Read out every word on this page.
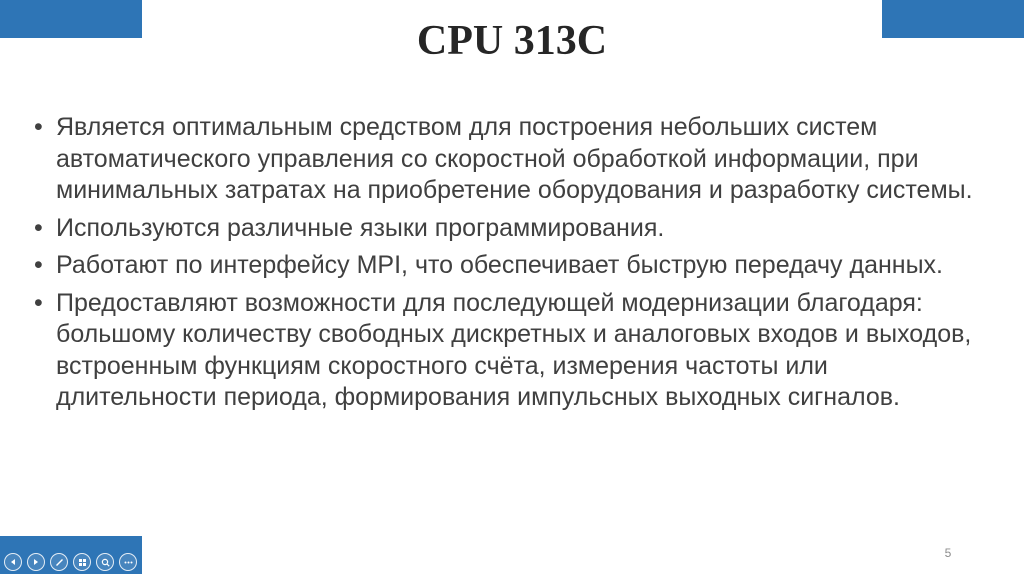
CPU 313C
• Является оптимальным средством для построения небольших систем автоматического управления со скоростной обработкой информации, при минимальных затратах на приобретение оборудования и разработку системы.
• Используются различные языки программирования.
• Работают по интерфейсу MPI, что обеспечивает быструю передачу данных.
• Предоставляют возможности для последующей модернизации благодаря: большому количеству свободных дискретных и аналоговых входов и выходов, встроенным функциям скоростного счёта, измерения частоты или длительности периода, формирования импульсных выходных сигналов.
5
